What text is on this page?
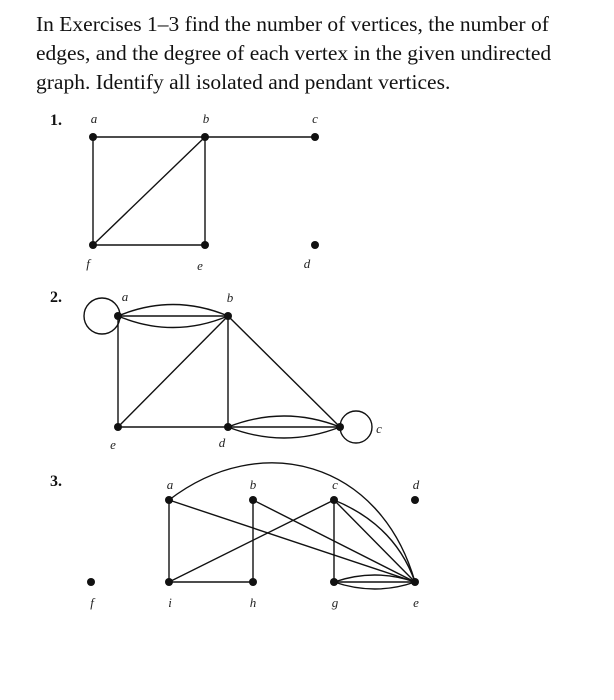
In Exercises 1–3 find the number of vertices, the number of edges, and the degree of each vertex in the given undirected graph. Identify all isolated and pendant vertices.

1. a	b	c
d
e
f
2.	a	b
c
d
e
3.	a	b	c	d
e
f	g
h
i
